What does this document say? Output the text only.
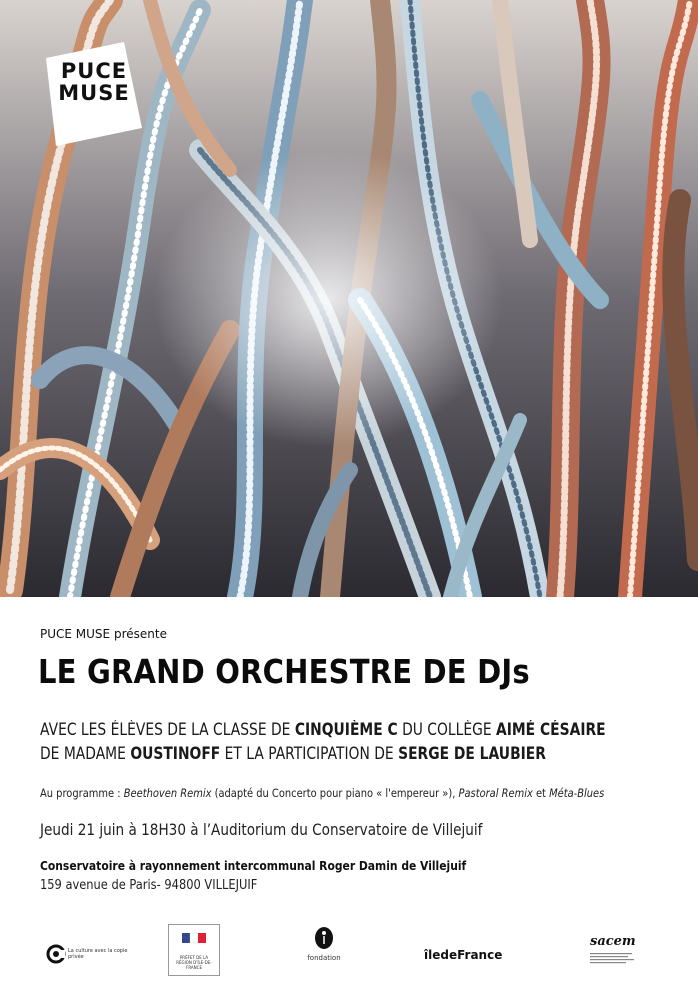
PUCE
MUSE
PUCE MUSE présente
LE GRAND ORCHESTRE DE DJs
AVEC LES ÉLÈVES DE LA CLASSE DE CINQUIÈME C DU COLLÈGE AIMÉ CÉSAIRE
DE MADAME OUSTINOFF ET LA PARTICIPATION DE SERGE DE LAUBIER
Au programme : Beethoven Remix (adapté du Concerto pour piano « l'empereur »), Pastoral Remix et Méta-Blues
Jeudi 21 juin à 18H30 à l’Auditorium du Conservatoire de Villejuif
Conservatoire à rayonnement intercommunal Roger Damin de Villejuif
159 avenue de Paris- 94800 VILLEJUIF
La culture avec la copie privée	PRÉFET DE LA RÉGION D'ÎLE-DE-FRANCE
fondation	îledeFrance
sacem
